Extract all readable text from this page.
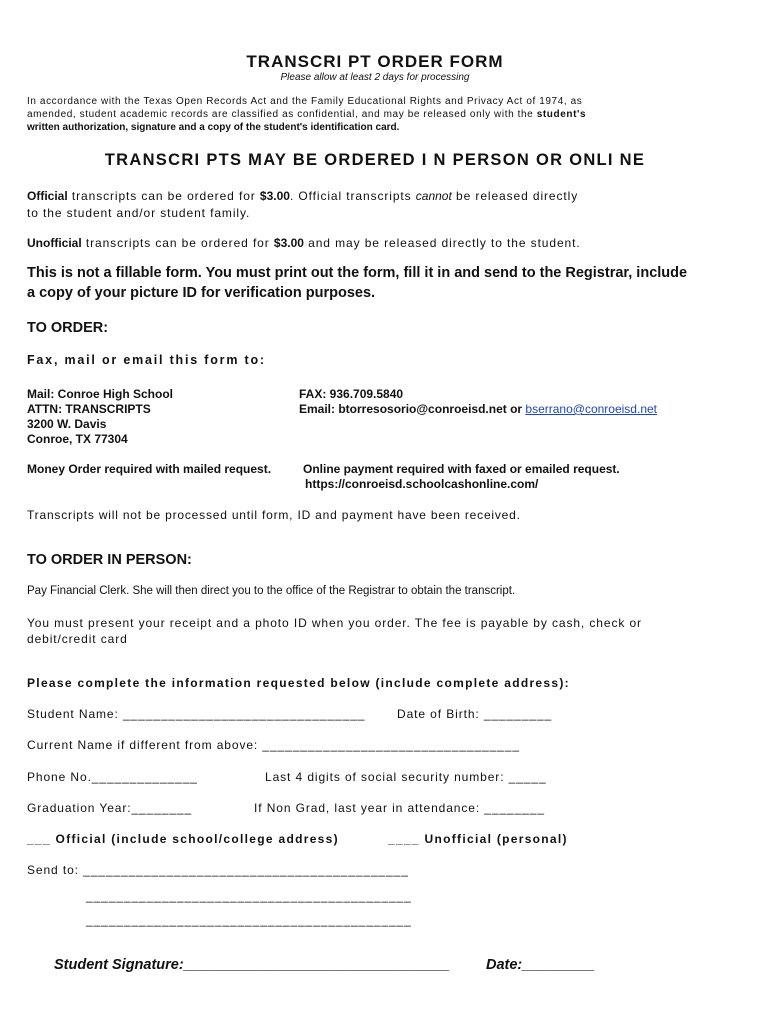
TRANSCRI PT ORDER FORM
Please allow at least 2 days for processing
In accordance with the Texas Open Records Act and the Family Educational Rights and Privacy Act of 1974, as
amended, student academic records are classified as confidential, and may be released only with the student's
written authorization, signature and a copy of the student's identification card.
TRANSCRI PTS MAY BE ORDERED I N PERSON OR ONLI NE
Official transcripts can be ordered for $3.00. Official transcripts cannot be released directly
to the student and/or student family.
Unofficial transcripts can be ordered for $3.00 and may be released directly to the student.
This is not a fillable form. You must print out the form, fill it in and send to the Registrar, include
a copy of your picture ID for verification purposes.
TO ORDER:
Fax, mail or email this form to:
Mail: Conroe High School
ATTN: TRANSCRIPTS
3200 W. Davis
Conroe, TX 77304
FAX: 936.709.5840
Email: btorresosorio@conroeisd.net or bserrano@conroeisd.net
Money Order required with mailed request.	Online payment required with faxed or emailed request.
https://conroeisd.schoolcashonline.com/
Transcripts will not be processed until form, ID and payment have been received.
TO ORDER IN PERSON:
Pay Financial Clerk. She will then direct you to the office of the Registrar to obtain the transcript.
You must present your receipt and a photo ID when you order. The fee is payable by cash, check or
debit/credit card
Please complete the information requested below (include complete address):
Student Name: ________________________________	Date of Birth: _________
Current Name if different from above: __________________________________
Phone No.______________	Last 4 digits of social security number: _____
Graduation Year:________	If Non Grad, last year in attendance: ________
___ Official (include school/college address)	____ Unofficial (personal)
Send to: ___________________________________________
___________________________________________
___________________________________________
Student Signature:_________________________________ Date:_________
